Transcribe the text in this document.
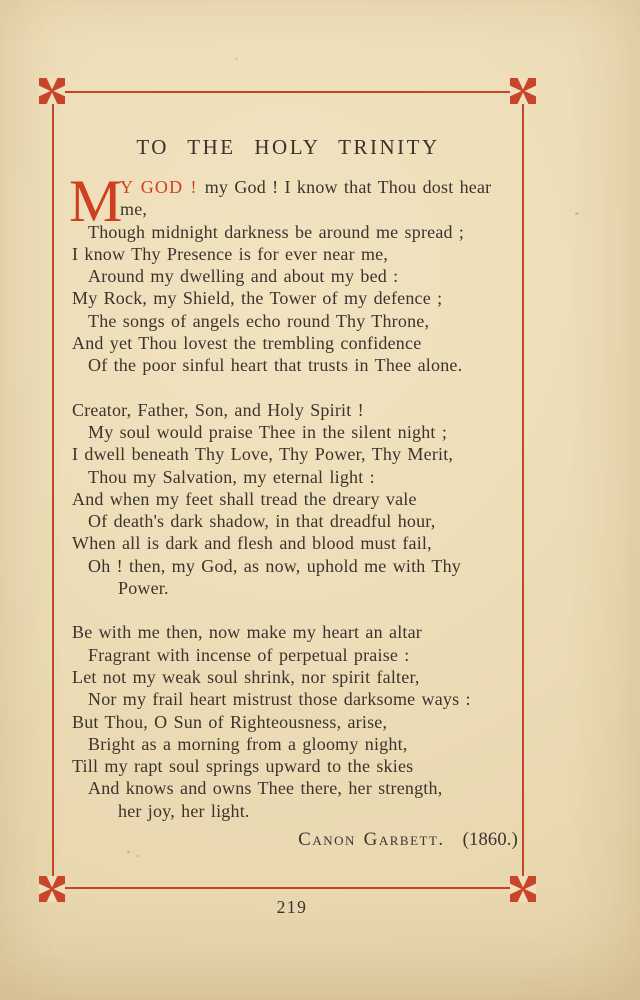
TO THE HOLY TRINITY
M
Y GOD ! my God ! I know that Thou dost hear
me,
Though midnight darkness be around me spread ;
I know Thy Presence is for ever near me,
Around my dwelling and about my bed :
My Rock, my Shield, the Tower of my defence ;
The songs of angels echo round Thy Throne,
And yet Thou lovest the trembling confidence
Of the poor sinful heart that trusts in Thee alone.
Creator, Father, Son, and Holy Spirit !
My soul would praise Thee in the silent night ;
I dwell beneath Thy Love, Thy Power, Thy Merit,
Thou my Salvation, my eternal light :
And when my feet shall tread the dreary vale
Of death's dark shadow, in that dreadful hour,
When all is dark and flesh and blood must fail,
Oh ! then, my God, as now, uphold me with Thy
Power.
Be with me then, now make my heart an altar
Fragrant with incense of perpetual praise :
Let not my weak soul shrink, nor spirit falter,
Nor my frail heart mistrust those darksome ways :
But Thou, O Sun of Righteousness, arise,
Bright as a morning from a gloomy night,
Till my rapt soul springs upward to the skies
And knows and owns Thee there, her strength,
her joy, her light.
Canon Garbett. (1860.)
219
